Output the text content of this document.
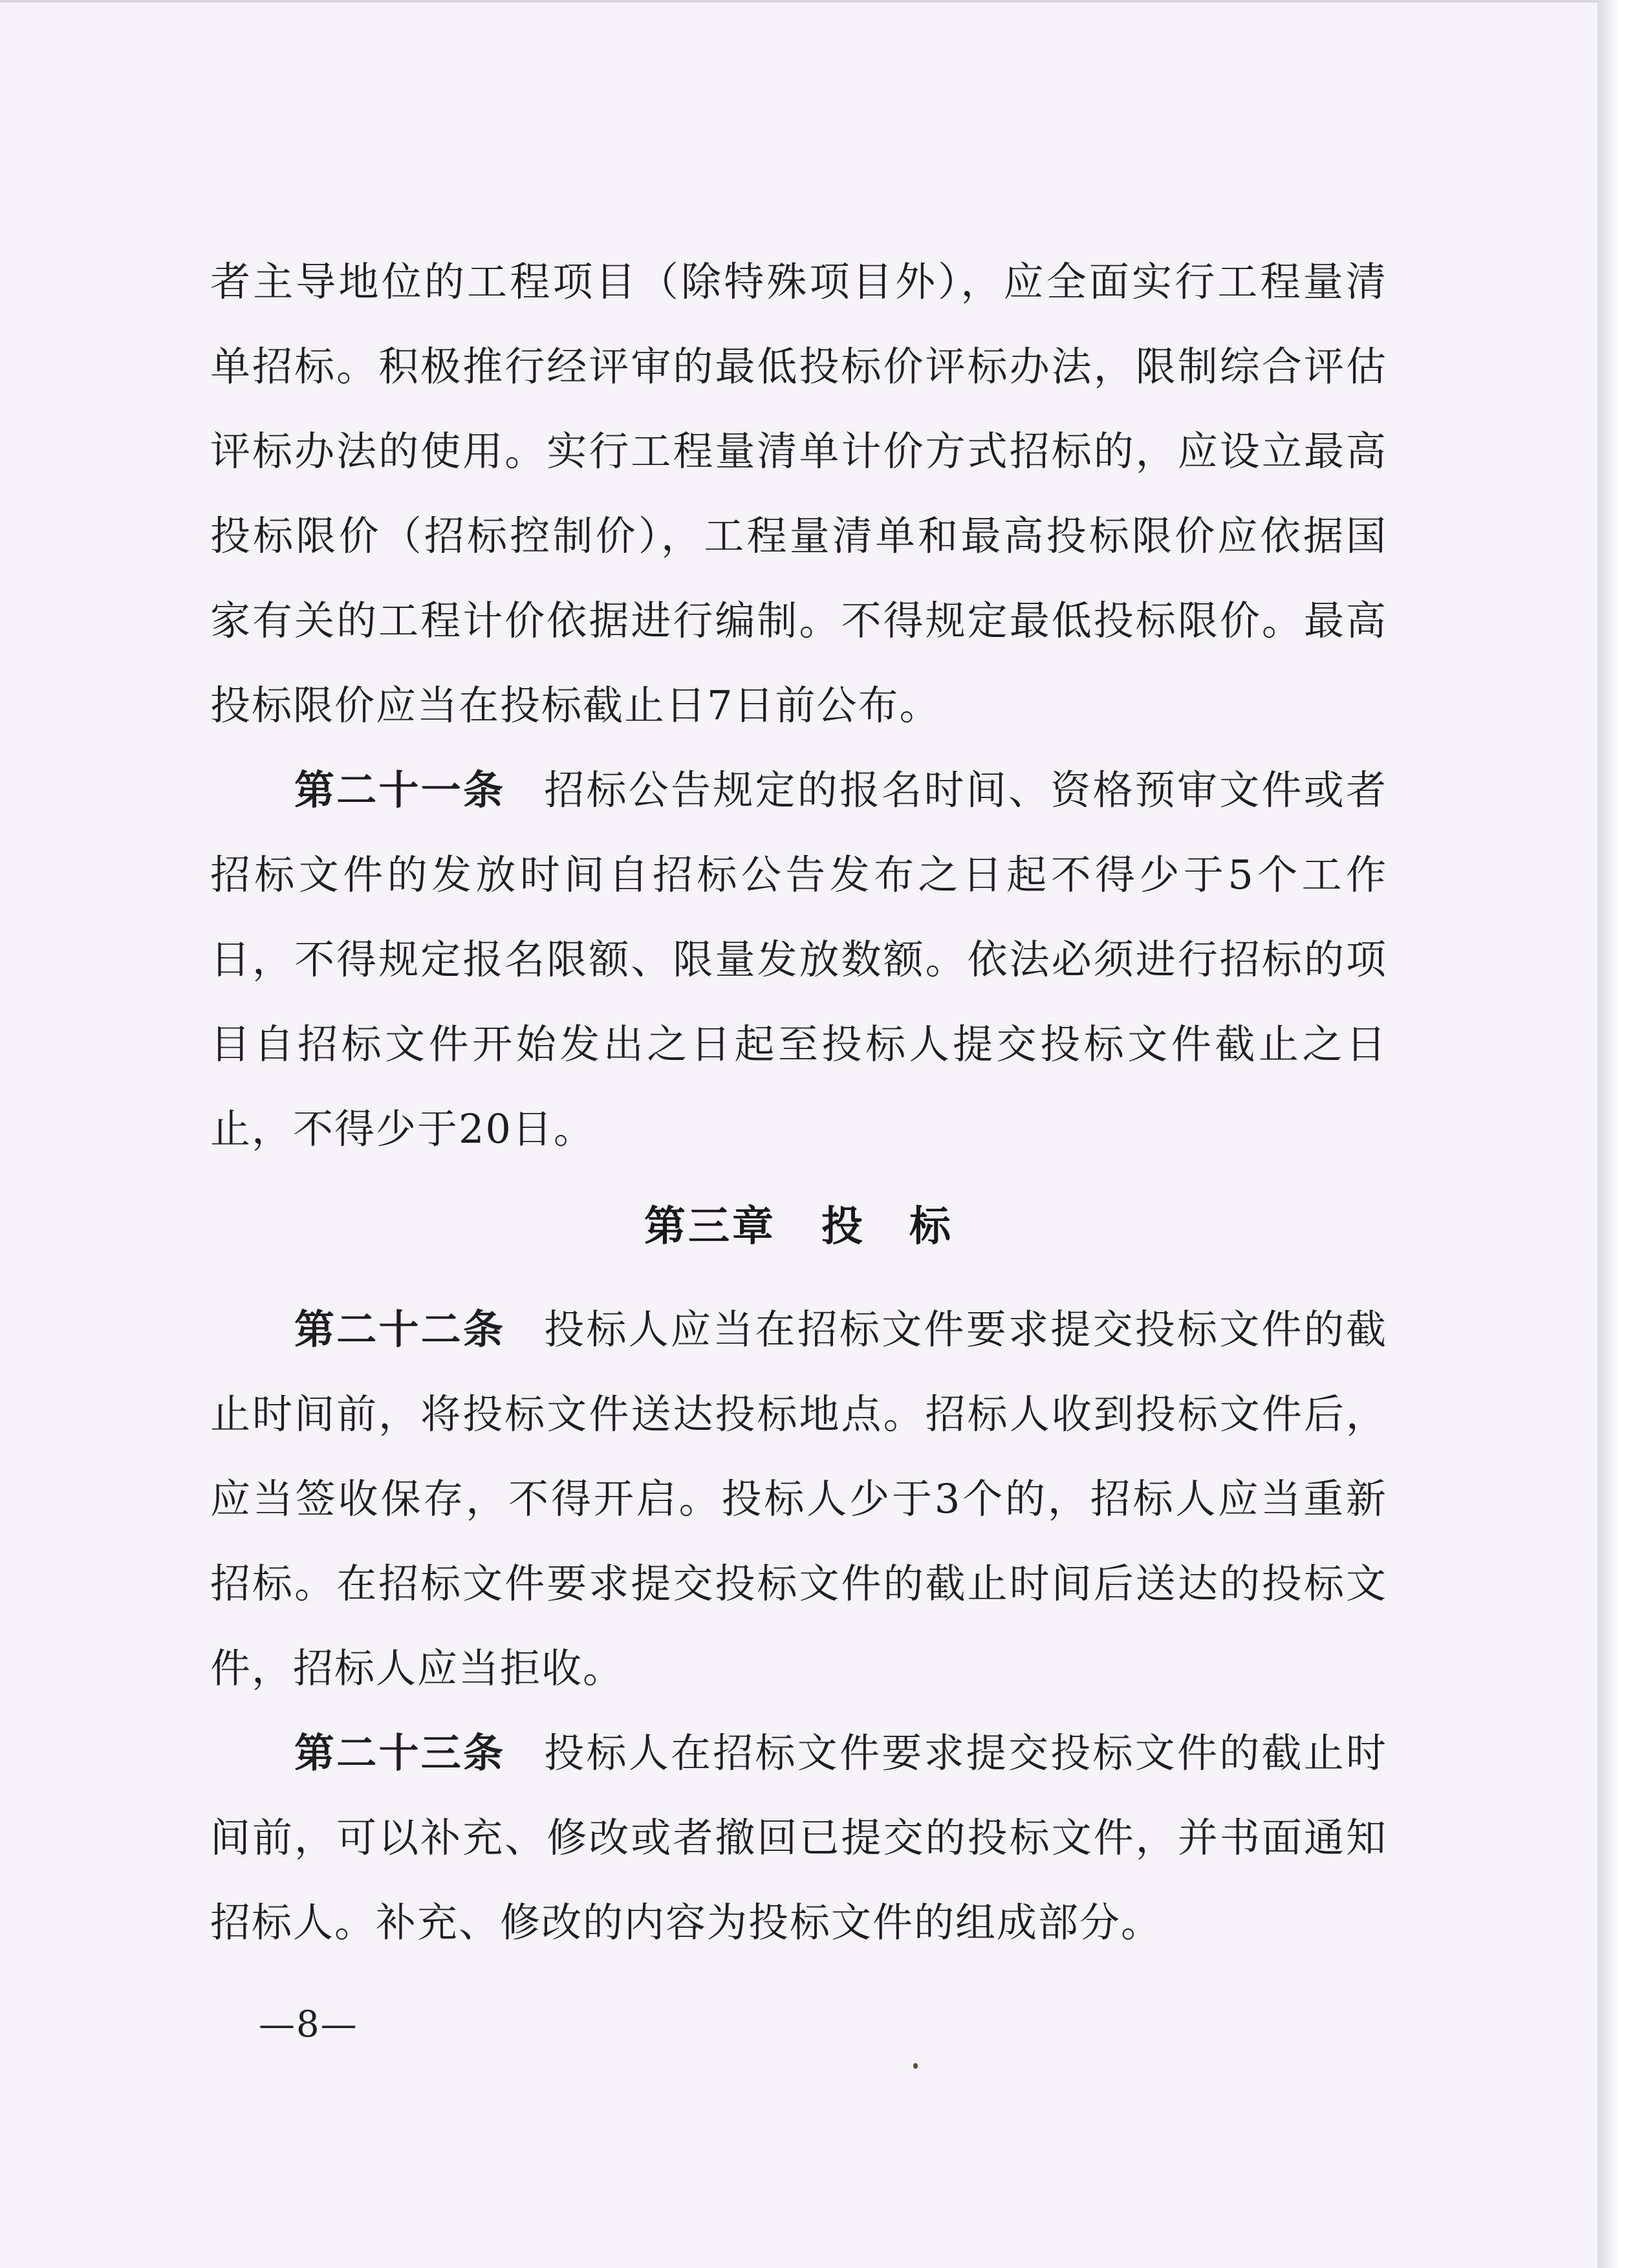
者主导地位的工程项目（除特殊项目外），应全面实行工程量清单招标。积极推行经评审的最低投标价评标办法，限制综合评估评标办法的使用。实行工程量清单计价方式招标的，应设立最高投标限价（招标控制价），工程量清单和最高投标限价应依据国家有关的工程计价依据进行编制。不得规定最低投标限价。最高投标限价应当在投标截止日7日前公布。

第二十一条 招标公告规定的报名时间、资格预审文件或者招标文件的发放时间自招标公告发布之日起不得少于5个工作日，不得规定报名限额、限量发放数额。依法必须进行招标的项目自招标文件开始发出之日起至投标人提交投标文件截止之日止，不得少于20日。

第三章 投　标

第二十二条 投标人应当在招标文件要求提交投标文件的截止时间前，将投标文件送达投标地点。招标人收到投标文件后，应当签收保存，不得开启。投标人少于3个的，招标人应当重新招标。在招标文件要求提交投标文件的截止时间后送达的投标文件，招标人应当拒收。

第二十三条 投标人在招标文件要求提交投标文件的截止时间前，可以补充、修改或者撤回已提交的投标文件，并书面通知招标人。补充、修改的内容为投标文件的组成部分。

—8—
